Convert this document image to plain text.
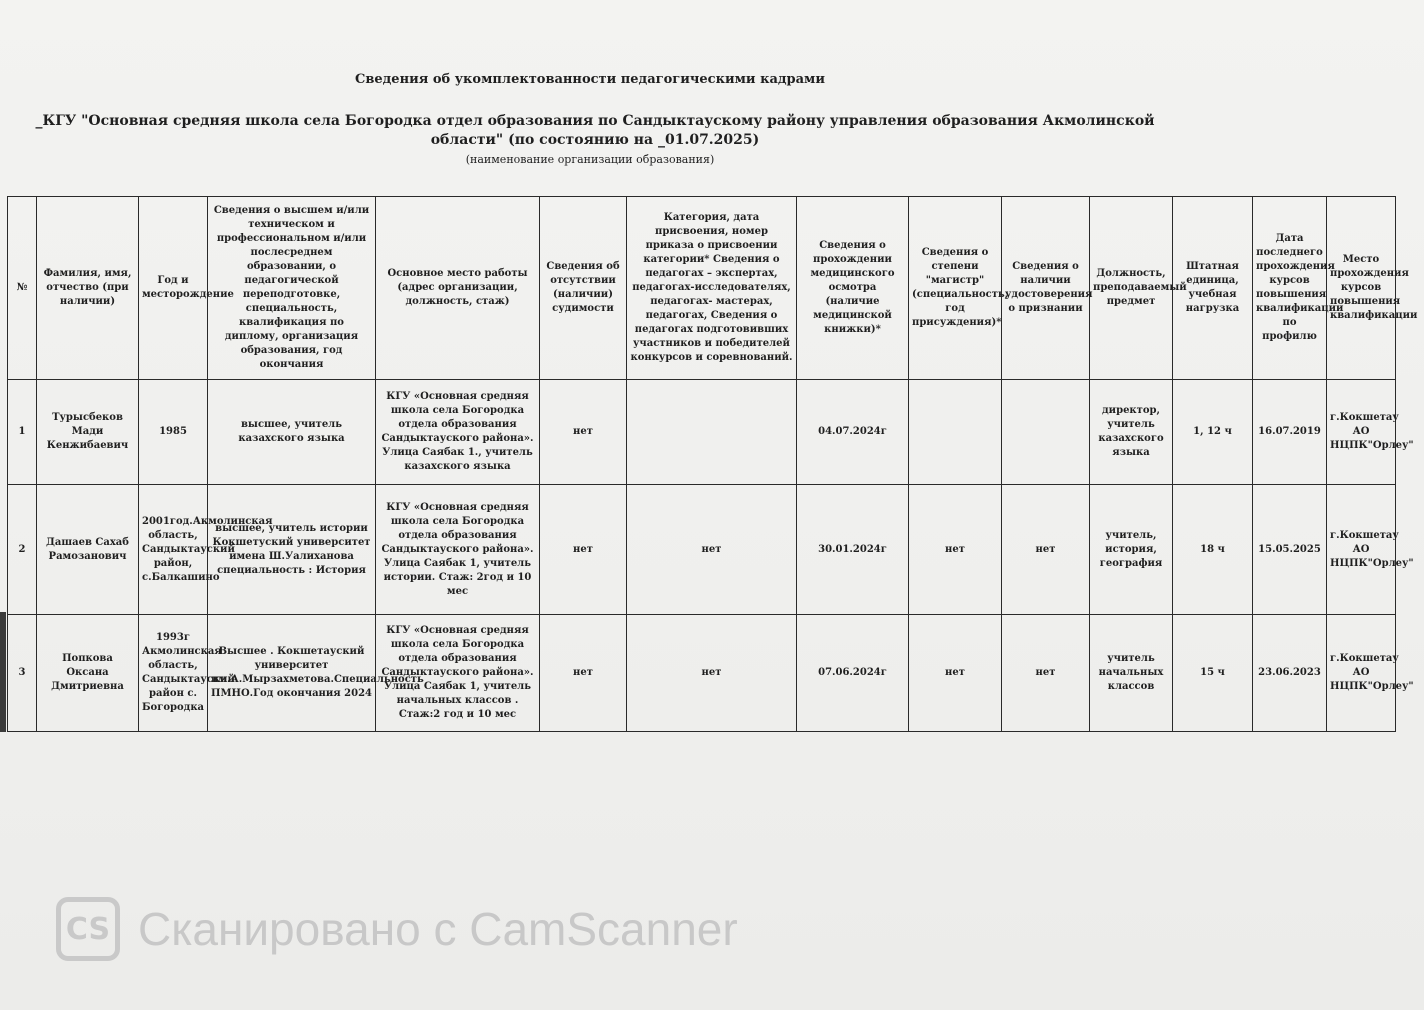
Сведения об укомплектованности педагогическими кадрами
_КГУ "Основная средняя школа села Богородка отдел образования по Сандыктаускому району управления образования Акмолинской области" (по состоянию на _01.07.2025)
(наименование организации образования)
№	Фамилия, имя, отчество (при наличии)	Год и месторождение	Сведения о высшем и/или техническом и профессиональном и/или послесреднем образовании, о педагогической переподготовке, специальность, квалификация по диплому, организация образования, год окончания	Основное место работы (адрес организации, должность, стаж)	Сведения об отсутствии (наличии) судимости	Категория, дата присвоения, номер приказа о присвоении категории* Сведения о педагогах – экспертах, педагогах-исследователях, педагогах- мастерах, педагогах, Сведения о педагогах подготовивших участников и победителей конкурсов и соревнований.	Сведения о прохождении медицинского осмотра (наличие медицинской книжки)*	Сведения о степени "магистр" (специальность, год присуждения)*	Сведения о наличии удостоверения о признании	Должность, преподаваемый предмет	Штатная единица, учебная нагрузка	Дата последнего прохождения курсов повышения квалификации по профилю	Место прохождения курсов повышения квалификации
1	Турысбеков Мади Кенжибаевич	1985	высшее, учитель казахского языка	КГУ «Основная средняя школа села Богородка отдела образования Сандыктауского района». Улица Саябак 1., учитель казахского языка	нет		04.07.2024г			директор, учитель казахского языка	1, 12 ч	16.07.2019	г.Кокшетау АО НЦПК"Орлеу"
2	Дашаев Сахаб Рамозанович	2001год.Акмолинская область, Сандыктауский район, с.Балкашино	высшее, учитель истории Кокшетуский университет имена Ш.Уалиханова специальность : История	КГУ «Основная средняя школа села Богородка отдела образования Сандыктауского района». Улица Саябак 1, учитель истории. Стаж: 2год и 10 мес	нет	нет	30.01.2024г	нет	нет	учитель, история, география	18 ч	15.05.2025	г.Кокшетау АО НЦПК"Орлеу"
3	Попкова Оксана Дмитриевна	1993г Акмолинская область, Сандыктауский район с. Богородка	Высшее . Кокшетауский университет им.А.Мырзахметова.Специальность ПМНО.Год окончания 2024	КГУ «Основная средняя школа села Богородка отдела образования Сандыктауского района». Улица Саябак 1, учитель начальных классов . Стаж:2 год и 10 мес	нет	нет	07.06.2024г	нет	нет	учитель начальных классов	15 ч	23.06.2023	г.Кокшетау АО НЦПК"Орлеу"
CS Сканировано с CamScanner
